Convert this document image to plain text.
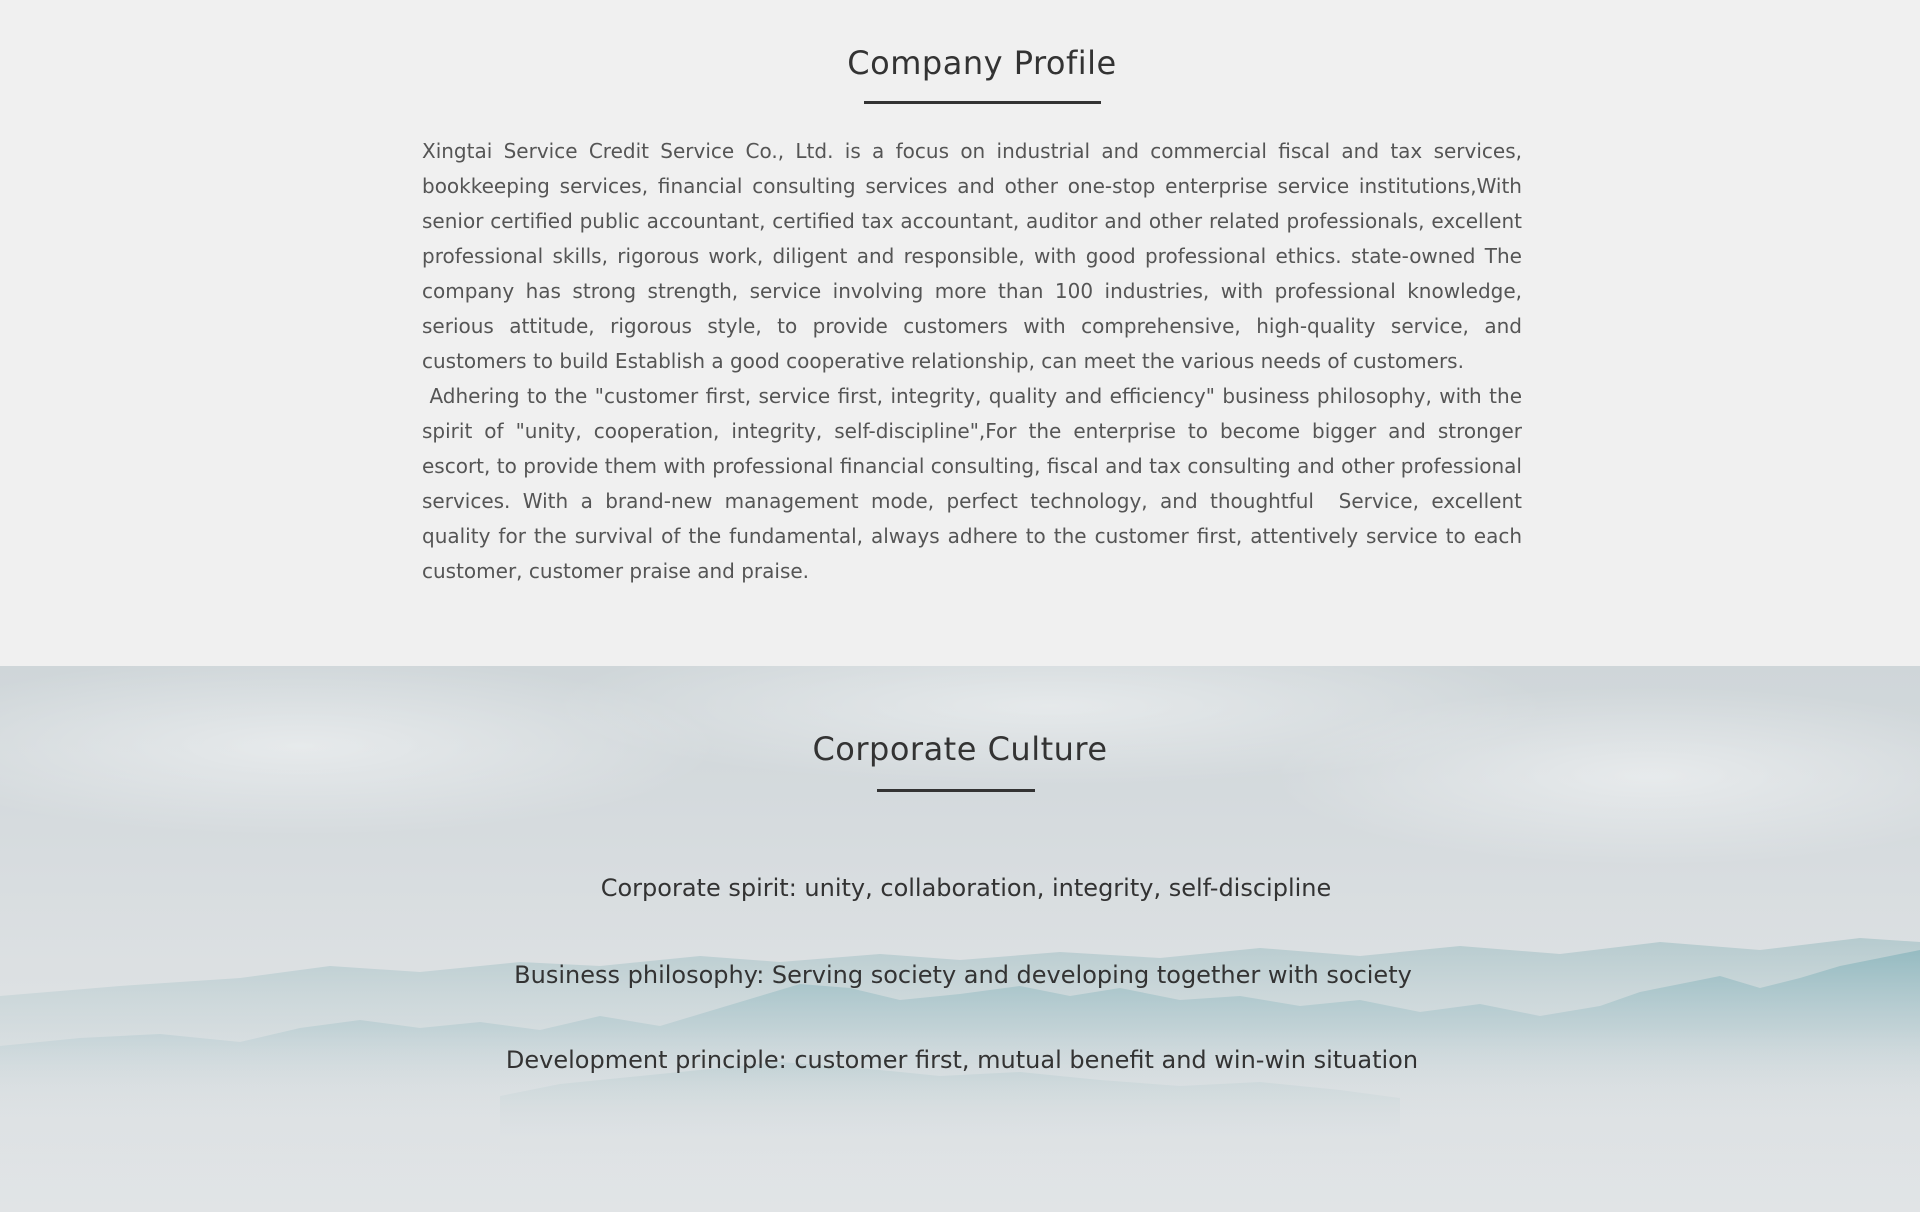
Company Profile

Xingtai Service Credit Service Co., Ltd. is a focus on industrial and commercial fiscal and tax services, bookkeeping services, financial consulting services and other one-stop enterprise service institutions,With senior certified public accountant, certified tax accountant, auditor and other related professionals, excellent professional skills, rigorous work, diligent and responsible, with good professional ethics. state-owned The company has strong strength, service involving more than 100 industries, with professional knowledge, serious attitude, rigorous style, to provide customers with comprehensive, high-quality service, and customers to build Establish a good cooperative relationship, can meet the various needs of customers.

Adhering to the "customer first, service first, integrity, quality and efficiency" business philosophy, with the spirit of "unity, cooperation, integrity, self-discipline",For the enterprise to become bigger and stronger escort, to provide them with professional financial consulting, fiscal and tax consulting and other professional services. With a brand-new management mode, perfect technology, and thoughtful  Service, excellent quality for the survival of the fundamental, always adhere to the customer first, attentively service to each customer, customer praise and praise.

Corporate Culture

Corporate spirit: unity, collaboration, integrity, self-discipline

Business philosophy: Serving society and developing together with society

Development principle: customer first, mutual benefit and win-win situation
